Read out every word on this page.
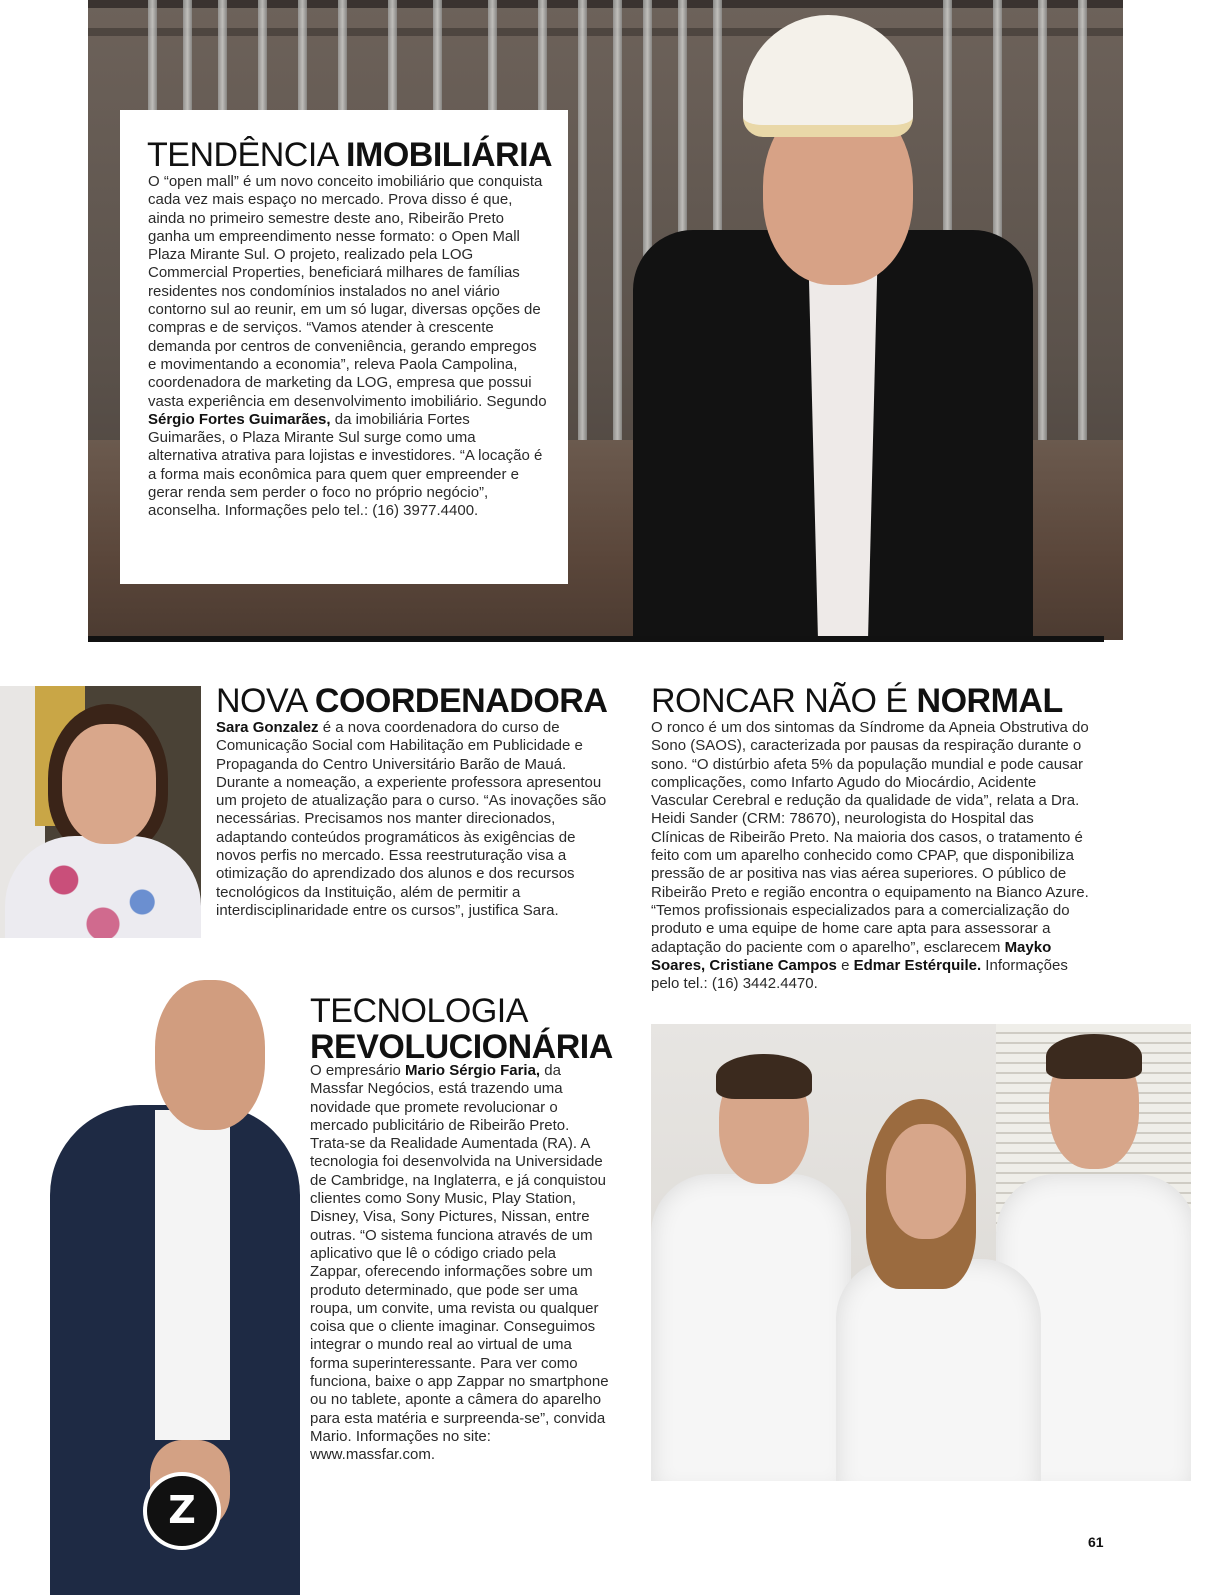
TENDÊNCIA IMOBILIÁRIA
O “open mall” é um novo conceito imobiliário que conquista cada vez mais espaço no mercado. Prova disso é que, ainda no primeiro semestre deste ano, Ribeirão Preto ganha um empreendimento nesse formato: o Open Mall Plaza Mirante Sul. O projeto, realizado pela LOG Commercial Properties, beneficiará milhares de famílias residentes nos condomínios instalados no anel viário contorno sul ao reunir, em um só lugar, diversas opções de compras e de serviços. “Vamos atender à crescente demanda por centros de conveniência, gerando empregos e movimentando a economia”, releva Paola Campolina, coordenadora de marketing da LOG, empresa que possui vasta experiência em desenvolvimento imobiliário. Segundo Sérgio Fortes Guimarães, da imobiliária Fortes Guimarães, o Plaza Mirante Sul surge como uma alternativa atrativa para lojistas e investidores. “A locação é a forma mais econômica para quem quer empreender e gerar renda sem perder o foco no próprio negócio”, aconselha. Informações pelo tel.: (16) 3977.4400.
NOVA COORDENADORA
Sara Gonzalez é a nova coordenadora do curso de Comunicação Social com Habilitação em Publicidade e Propaganda do Centro Universitário Barão de Mauá. Durante a nomeação, a experiente professora apresentou um projeto de atualização para o curso. “As inovações são necessárias. Precisamos nos manter direcionados, adaptando conteúdos programáticos às exigências de novos perfis no mercado. Essa reestruturação visa a otimização do aprendizado dos alunos e dos recursos tecnológicos da Instituição, além de permitir a interdisciplinaridade entre os cursos”, justifica Sara.
RONCAR NÃO É NORMAL
O ronco é um dos sintomas da Síndrome da Apneia Obstrutiva do Sono (SAOS), caracterizada por pausas da respiração durante o sono. “O distúrbio afeta 5% da população mundial e pode causar complicações, como Infarto Agudo do Miocárdio, Acidente Vascular Cerebral e redução da qualidade de vida”, relata a Dra. Heidi Sander (CRM: 78670), neurologista do Hospital das Clínicas de Ribeirão Preto. Na maioria dos casos, o tratamento é feito com um aparelho conhecido como CPAP, que disponibiliza pressão de ar positiva nas vias aérea superiores. O público de Ribeirão Preto e região encontra o equipamento na Bianco Azure. “Temos profissionais especializados para a comercialização do produto e uma equipe de home care apta para assessorar a adaptação do paciente com o aparelho”, esclarecem Mayko Soares, Cristiane Campos e Edmar Estérquile. Informações pelo tel.: (16) 3442.4470.
Z
TECNOLOGIA
REVOLUCIONÁRIA
O empresário Mario Sérgio Faria, da Massfar Negócios, está trazendo uma novidade que promete revolucionar o mercado publicitário de Ribeirão Preto. Trata-se da Realidade Aumentada (RA). A tecnologia foi desenvolvida na Universidade de Cambridge, na Inglaterra, e já conquistou clientes como Sony Music, Play Station, Disney, Visa, Sony Pictures, Nissan, entre outras. “O sistema funciona através de um aplicativo que lê o código criado pela Zappar, oferecendo informações sobre um produto determinado, que pode ser uma roupa, um convite, uma revista ou qualquer coisa que o cliente imaginar. Conseguimos integrar o mundo real ao virtual de uma forma superinteressante. Para ver como funciona, baixe o app Zappar no smartphone ou no tablete, aponte a câmera do aparelho para esta matéria e surpreenda-se”, convida Mario. Informações no site: www.massfar.com.
61
